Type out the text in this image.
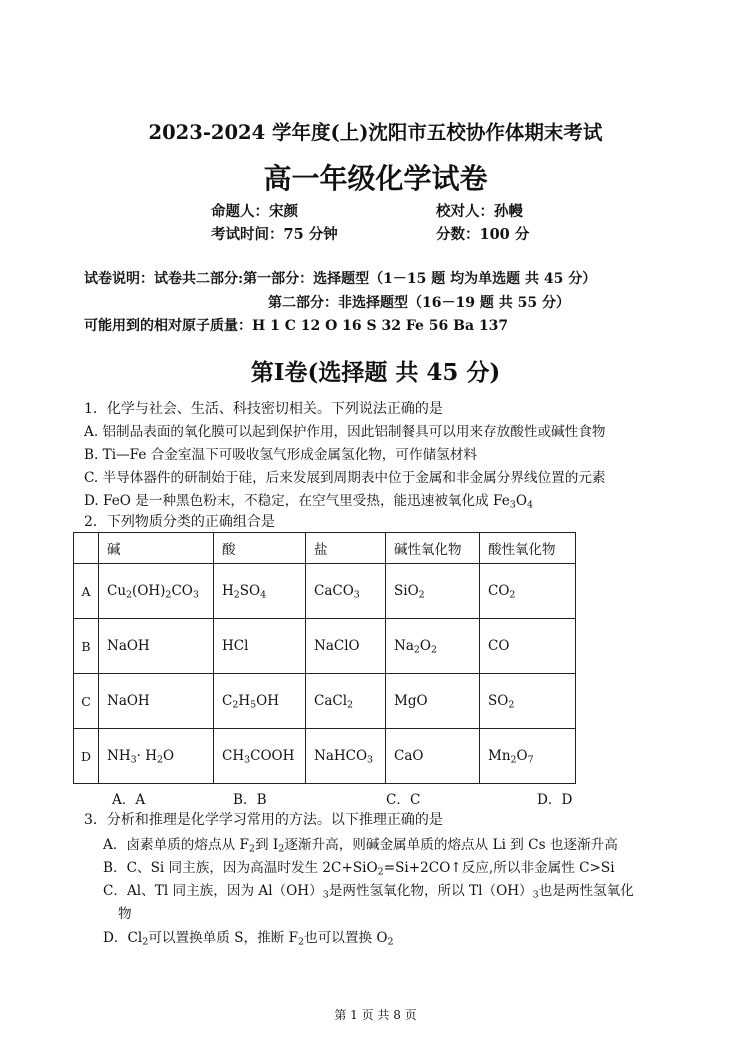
2023-2024 学年度(上)沈阳市五校协作体期末考试
高一年级化学试卷
命题人：宋颜	校对人：孙幔
考试时间：75 分钟	分数：100 分
试卷说明：试卷共二部分:第一部分：选择题型（1－15 题 均为单选题 共 45 分）
第二部分：非选择题型（16－19 题 共 55 分）
可能用到的相对原子质量：H 1 C 12 O 16 S 32 Fe 56 Ba 137
第Ⅰ卷(选择题 共 45 分)
1．化学与社会、生活、科技密切相关。下列说法正确的是
A. 铝制品表面的氧化膜可以起到保护作用，因此铝制餐具可以用来存放酸性或碱性食物
B. Ti—Fe 合金室温下可吸收氢气形成金属氢化物，可作储氢材料
C. 半导体器件的研制始于硅，后来发展到周期表中位于金属和非金属分界线位置的元素
D. FeO 是一种黑色粉末，不稳定，在空气里受热，能迅速被氧化成 $Fe_3O_4$
2．下列物质分类的正确组合是
	碱	酸	盐	碱性氧化物	酸性氧化物
A	$Cu_2(OH)_2CO_3$	$H_2SO_4$	CaCO$_3$	SiO$_2$	$CO_2$
B	NaOH	HCl	NaClO	$Na_2O_2$	CO
C	NaOH	$C_2H_5OH$	CaCl$_2$	MgO	$SO_2$
D	$NH_3\cdot H_2O$	$CH_3COOH$	NaHCO$_3$	CaO	$Mn_2O_7$
A．A	B．B	C．C	D．D
3．分析和推理是化学学习常用的方法。以下推理正确的是
A．卤素单质的熔点从 $F_2$到 $I_2$逐渐升高，则碱金属单质的熔点从 Li 到 Cs 也逐渐升高
B．C、Si 同主族，因为高温时发生 2C+SiO$_2$=Si+2CO↑反应,所以非金属性 C>Si
C．Al、Tl 同主族，因为 $Al(OH)_3$是两性氢氧化物，所以 $Tl(OH)_3$也是两性氢氧化
物
D．$Cl_2$可以置换单质 S，推断 $F_2$也可以置换 $O_2$
第 1 页 共 8 页
